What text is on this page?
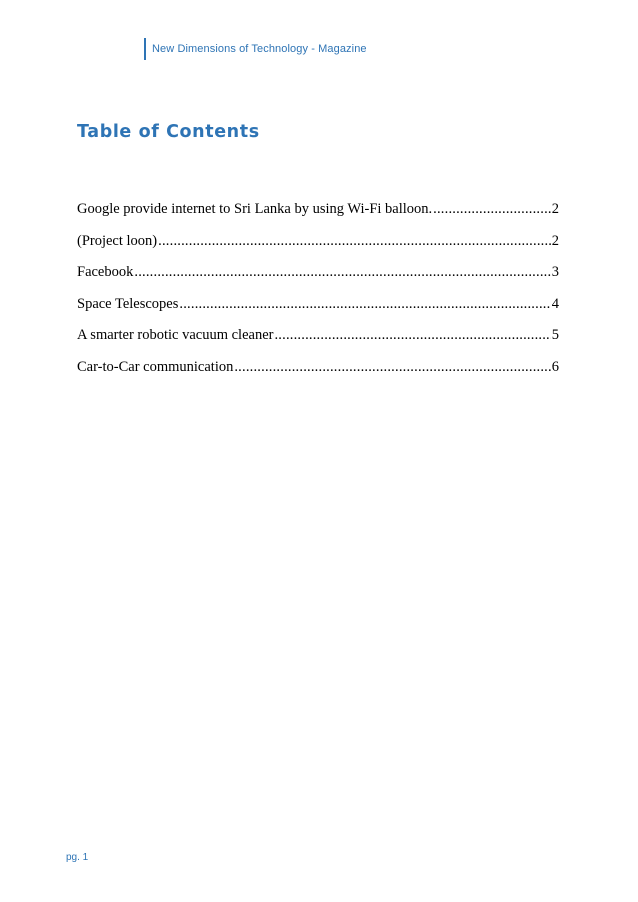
New Dimensions of Technology - Magazine
Table of Contents
Google provide internet to Sri Lanka by using Wi-Fi balloon. .....	2
(Project loon) .....	2
Facebook .....	3
Space Telescopes .....	4
A smarter robotic vacuum cleaner .....	5
Car-to-Car communication .....	6
pg. 1
